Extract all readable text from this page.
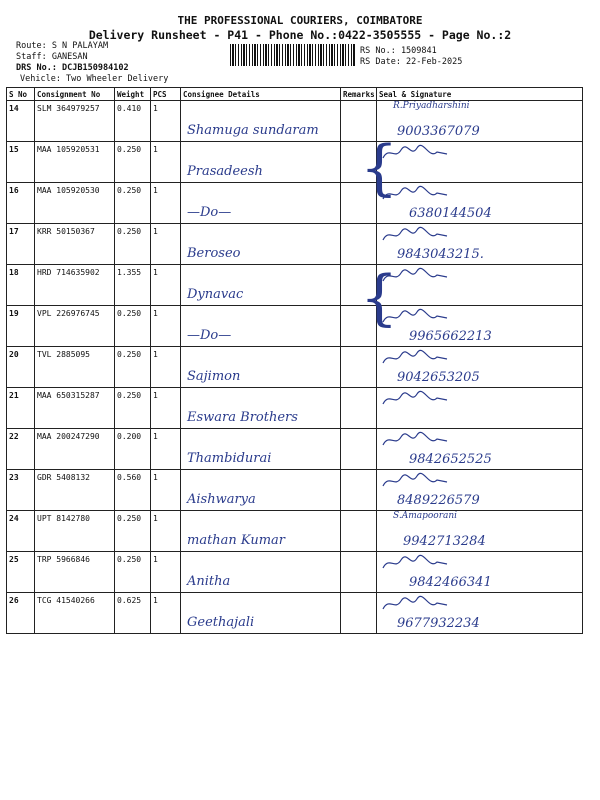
THE PROFESSIONAL COURIERS, COIMBATORE
Delivery Runsheet - P41 - Phone No.:0422-3505555 - Page No.:2
Route: S N PALAYAM
Staff: GANESAN
DRS No.: DCJB150984102
Vehicle: Two Wheeler Delivery
RS No.: 1509841
RS Date: 22-Feb-2025
S No	Consignment No	Weight	PCS	Consignee Details	Remarks	Seal & Signature
14	SLM 364979257	0.410	1	Shamuga sundaram		R.Priyadharshini
9003367079

15	MAA 105920531	0.250	1	Prasadeesh

16	MAA 105920530	0.250	1	—Do—		6380144504

17	KRR 50150367	0.250	1	Beroseo		9843043215.

18	HRD 714635902	1.355	1	Dynavac

19	VPL 226976745	0.250	1	—Do—		9965662213

20	TVL 2885095	0.250	1	Sajimon		9042653205

21	MAA 650315287	0.250	1	Eswara Brothers

22	MAA 200247290	0.200	1	Thambidurai		9842652525

23	GDR 5408132	0.560	1	Aishwarya		8489226579

24	UPT 8142780	0.250	1	mathan Kumar		S.Amapoorani
9942713284

25	TRP 5966846	0.250	1	Anitha		9842466341

26	TCG 41540266	0.625	1	Geethajali		9677932234
{
{
